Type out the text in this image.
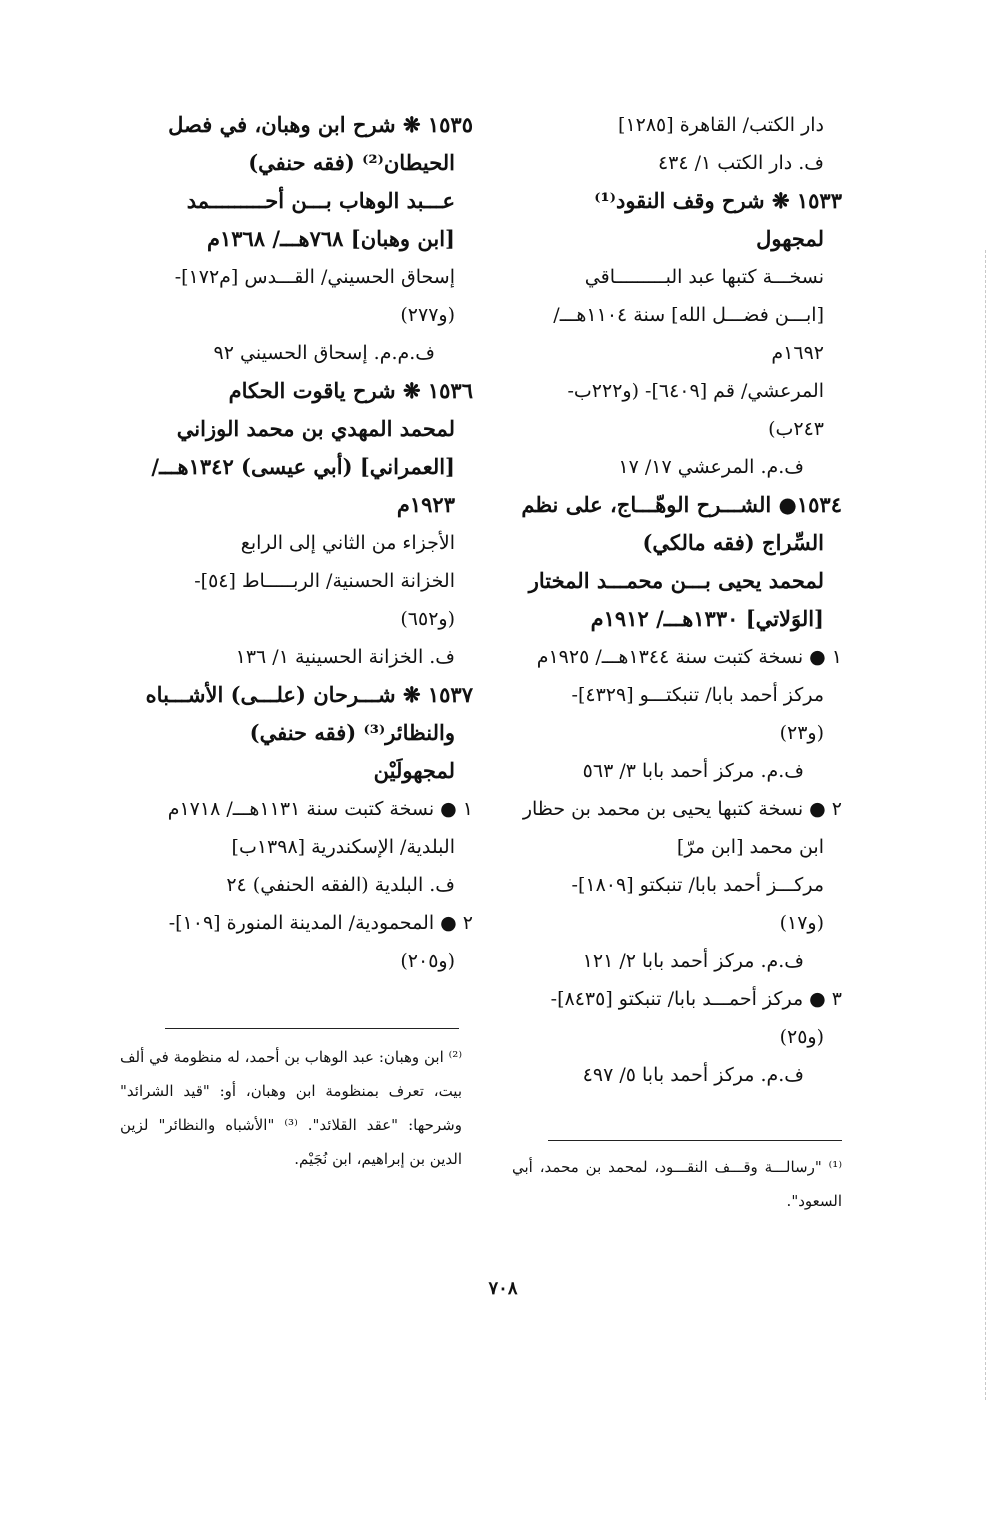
دار الكتب/ القاهرة [١٢٨٥]
ف. دار الكتب ١/ ٤٣٤
١٥٣٣ ❋ شرح وقف النقود⁽¹⁾
لمجهول
نسخـــة كتبها عبد البـــــــــاقي
[ابـــن فضـــل الله] سنة ١١٠٤هـــ/
١٦٩٢م
المرعشي/ قم [٦٤٠٩]- (و٢٢٢ب-
٢٤٣ب)
ف.م. المرعشي ١٧/ ١٧
١٥٣٤● الشـــرح الوهّـــاج، على نظم
السِّراج (فقه مالكي)
لمحمد يحيى بـــن محمـــد المختار
[الوَلاتي] ١٣٣٠هـــ/ ١٩١٢م
١ ● نسخة كتبت سنة ١٣٤٤هـــ/ ١٩٢٥م
مركز أحمد بابا/ تنبكتـــو [٤٣٢٩]-
(و٢٣)
ف.م. مركز أحمد بابا ٣/ ٥٦٣
٢ ● نسخة كتبها يحيى بن محمد بن حظار
ابن محمد [ابن مرّ]
مركـــز أحمد بابا/ تنبكتو [١٨٠٩]-
(و١٧)
ف.م. مركز أحمد بابا ٢/ ١٢١
٣ ● مركز أحمـــد بابا/ تنبكتو [٨٤٣٥]-
(و٢٥)
ف.م. مركز أحمد بابا ٥/ ٤٩٧
١٥٣٥ ❋ شرح ابن وهبان، في فصل
الحيطان⁽²⁾ (فقه حنفي)
عـــبد الوهاب بـــن أحـــــــــمد
[ابن وهبان] ٧٦٨هـــ/ ١٣٦٨م
إسحاق الحسيني/ القـــدس [م١٧٢]-
(و٢٧٧)
ف.م.م. إسحاق الحسيني ٩٢
١٥٣٦ ❋ شرح ياقوت الحكام
لمحمد المهدي بن محمد الوزاني
[العمراني] (أبي عيسى) ١٣٤٢هـــ/
١٩٢٣م
الأجزاء من الثاني إلى الرابع
الخزانة الحسنية/ الربـــــاط [٥٤]-
(و٦٥٢)
ف. الخزانة الحسينية ١/ ١٣٦
١٥٣٧ ❋ شـــرحان (علـــى) الأشـــباه
والنظائر⁽³⁾ (فقه حنفي)
لمجهولَيْن
١ ● نسخة كتبت سنة ١١٣١هـــ/ ١٧١٨م
البلدية/ الإسكندرية [١٣٩٨ب]
ف. البلدية (الفقه الحنفي) ٢٤
٢ ● المحمودية/ المدينة المنورة [١٠٩]-
(و٢٠٥)
⁽¹⁾ "رسالـــة وقـــف النقـــود، لمحمد بن محمد، أبي السعود".
⁽²⁾ ابن وهبان: عبد الوهاب بن أحمد، له منظومة في ألف بيت، تعرف بمنظومة ابن وهبان، أو: "قيد الشرائد" وشرحها: "عقد القلائد". ⁽³⁾ "الأشباه والنظائر" لزين الدين بن إبراهيم، ابن نُجَيْم.
٧٠٨
